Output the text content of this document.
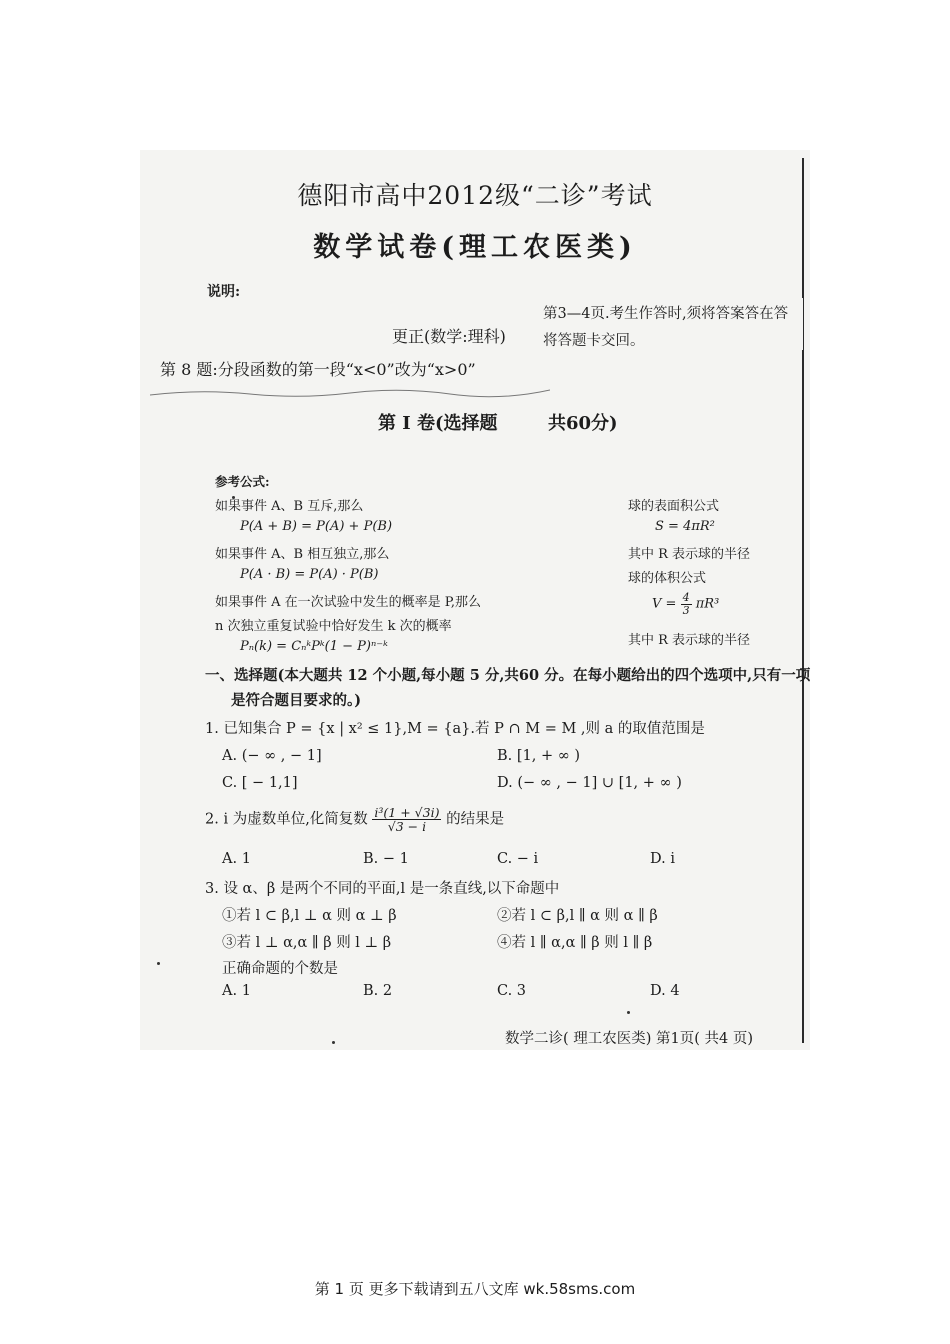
德阳市高中2012级“二诊”考试
数学试卷(理工农医类)
说明:
第3—4页.考生作答时,须将答案答在答
将答题卡交回。
更正(数学:理科)
第 8 题:分段函数的第一段“x<0”改为“x>0”
第 I 卷(选择题	共60分)
参考公式:
如果事件 A、B 互斥,那么
P(A + B) = P(A) + P(B)
如果事件 A、B 相互独立,那么
P(A · B) = P(A) · P(B)
如果事件 A 在一次试验中发生的概率是 P,那么
n 次独立重复试验中恰好发生 k 次的概率
Pₙ(k) = CₙᵏPᵏ(1 − P)ⁿ⁻ᵏ
球的表面积公式
S = 4πR²
其中 R 表示球的半径
球的体积公式
$V = \frac{4}{3} \pi R^3$
其中 R 表示球的半径
一、选择题(本大题共 12 个小题,每小题 5 分,共60 分。在每小题给出的四个选项中,只有一项
是符合题目要求的。)
1. 已知集合 P = {x | x² ≤ 1},M = {a}.若 P ∩ M = M ,则 a 的取值范围是
A. (− ∞ , − 1]	B. [1, + ∞ )
C. [ − 1,1]	D. (− ∞ , − 1] ∪ [1, + ∞ )
2. i 为虚数单位,化简复数 $\frac{\text{i³(1 + √3i)}}{√3 - i}$ 的结果是
A. 1	B. − 1	C. − i	D. i
3. 设 α、β 是两个不同的平面,l 是一条直线,以下命题中
①若 l ⊂ β,l ⊥ α 则 α ⊥ β	②若 l ⊂ β,l ∥ α 则 α ∥ β
③若 l ⊥ α,α ∥ β 则 l ⊥ β	④若 l ∥ α,α ∥ β 则 l ∥ β
正确命题的个数是
A. 1	B. 2	C. 3	D. 4
数学二诊( 理工农医类) 第1页( 共4 页)
第 1 页 更多下载请到五八文库 wk.58sms.com
